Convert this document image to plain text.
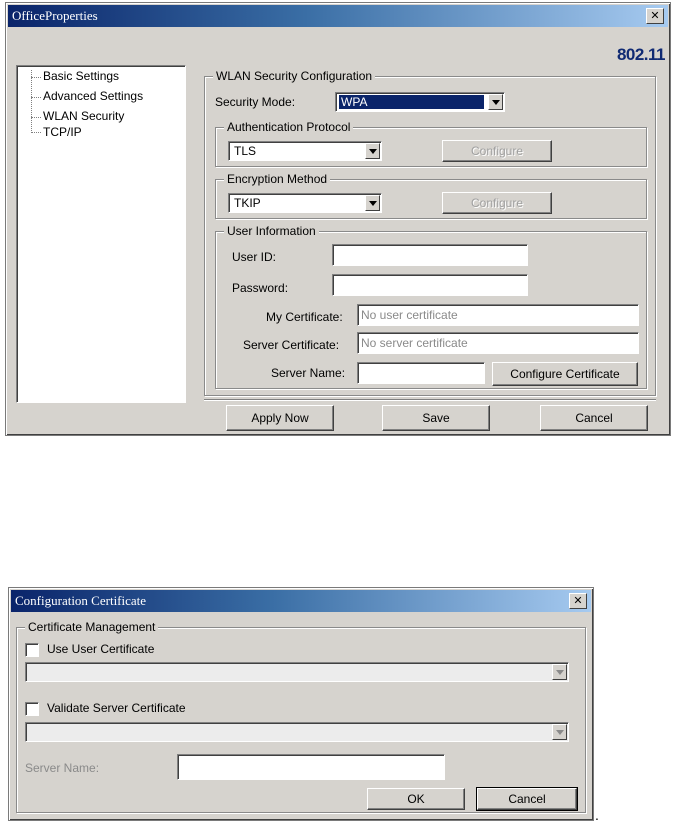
OfficeProperties
✕
802.11
Basic Settings
Advanced Settings
WLAN Security
TCP/IP
WLAN Security Configuration
Security Mode:	WPA
Authentication Protocol
TLS	Configure
Encryption Method
TKIP	Configure
User Information
User ID:
Password:
My Certificate:	No user certificate
Server Certificate:	No server certificate
Server Name:	Configure Certificate
Apply Now	Save	Cancel
Configuration Certificate
✕
Certificate Management
Use User Certificate
Validate Server Certificate
Server Name:
OK	Cancel
.
